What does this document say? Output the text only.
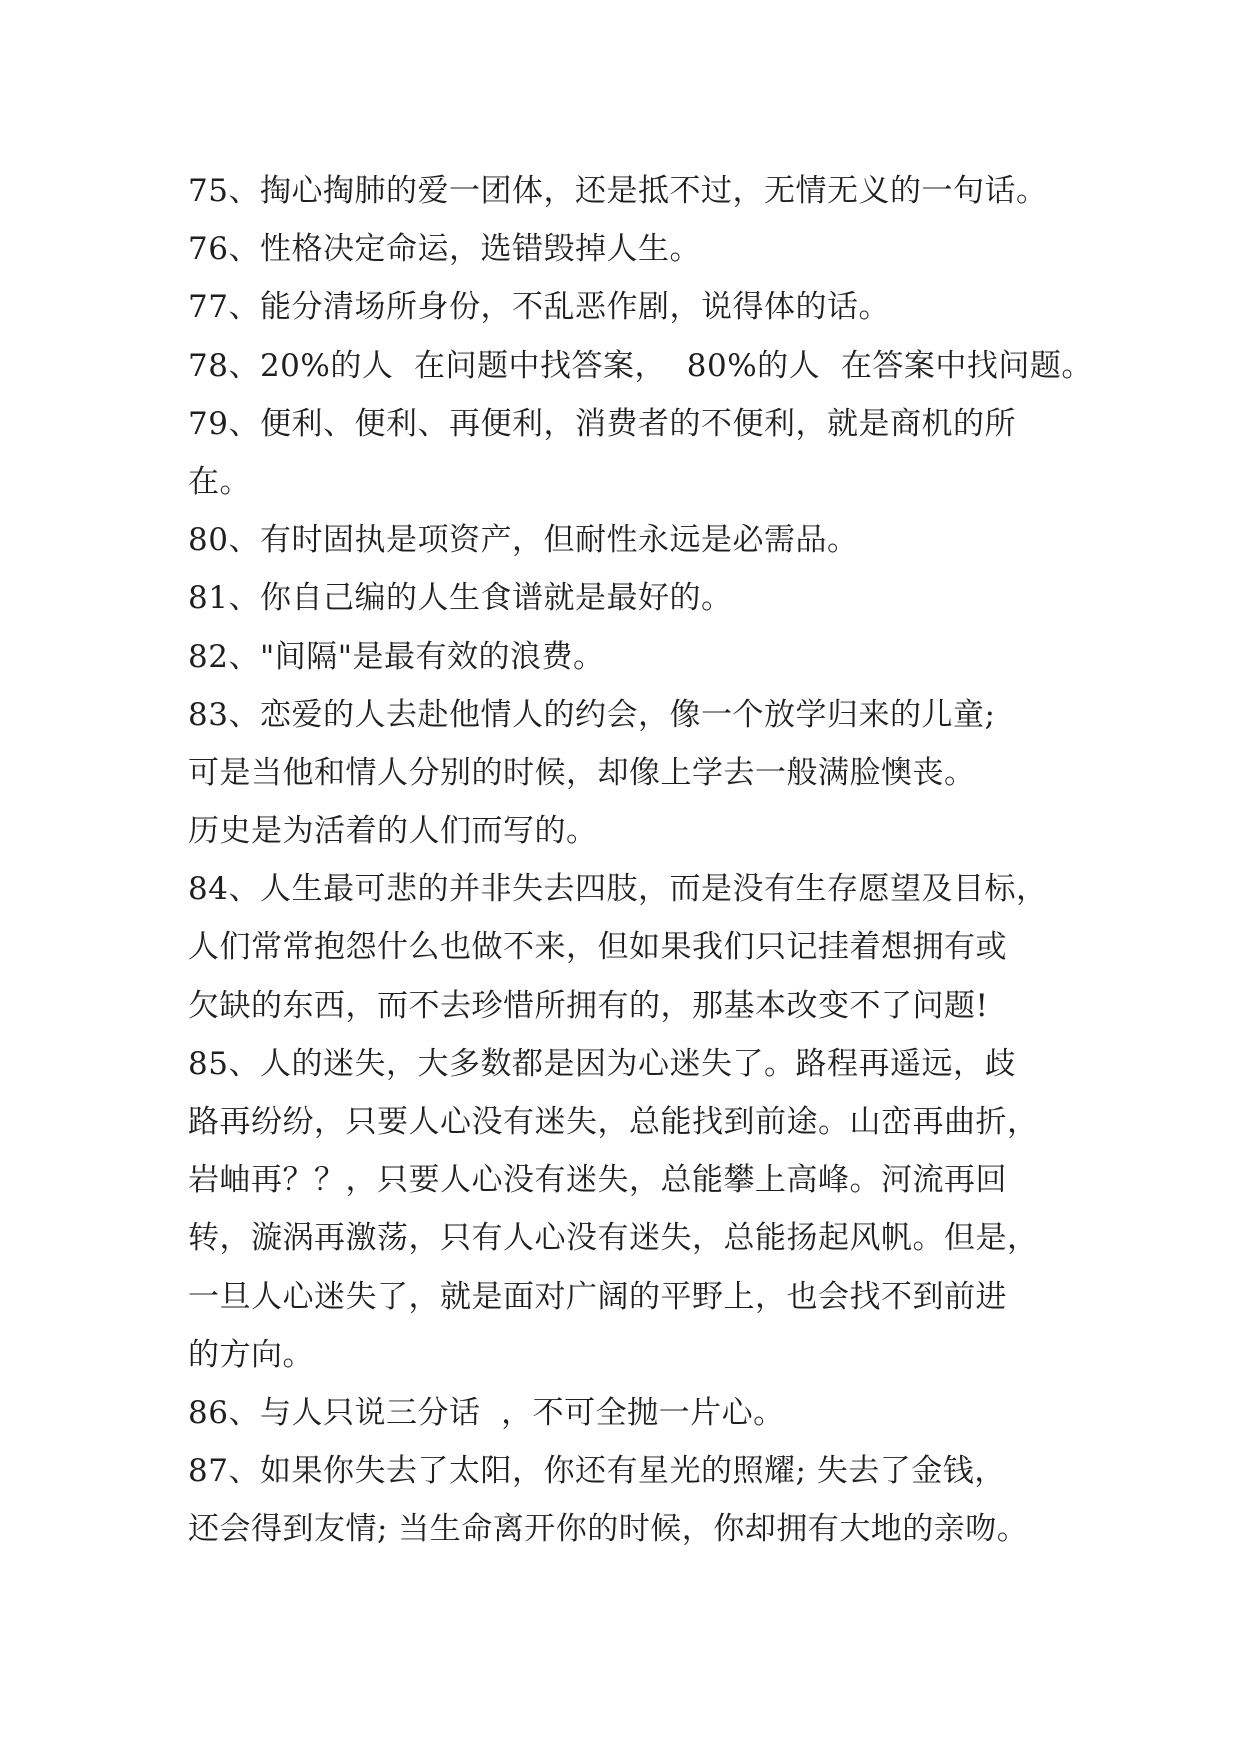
75、掏心掏肺的爱一团体，还是抵不过，无情无义的一句话。
76、性格决定命运，选错毁掉人生。
77、能分清场所身份，不乱恶作剧，说得体的话。
78、20%的人  在问题中找答案，  80%的人  在答案中找问题。
79、便利、便利、再便利，消费者的不便利，就是商机的所
在。
80、有时固执是项资产，但耐性永远是必需品。
81、你自己编的人生食谱就是最好的。
82、"间隔"是最有效的浪费。
83、恋爱的人去赴他情人的约会，像一个放学归来的儿童;
可是当他和情人分别的时候，却像上学去一般满脸懊丧。
历史是为活着的人们而写的。
84、人生最可悲的并非失去四肢，而是没有生存愿望及目标，
人们常常抱怨什么也做不来，但如果我们只记挂着想拥有或
欠缺的东西，而不去珍惜所拥有的，那基本改变不了问题!
85、人的迷失，大多数都是因为心迷失了。路程再遥远，歧
路再纷纷，只要人心没有迷失，总能找到前途。山峦再曲折，
岩岫再？？，只要人心没有迷失，总能攀上高峰。河流再回
转，漩涡再激荡，只有人心没有迷失，总能扬起风帆。但是，
一旦人心迷失了，就是面对广阔的平野上，也会找不到前进
的方向。
86、与人只说三分话  ，不可全抛一片心。
87、如果你失去了太阳，你还有星光的照耀; 失去了金钱，
还会得到友情; 当生命离开你的时候，你却拥有大地的亲吻。
